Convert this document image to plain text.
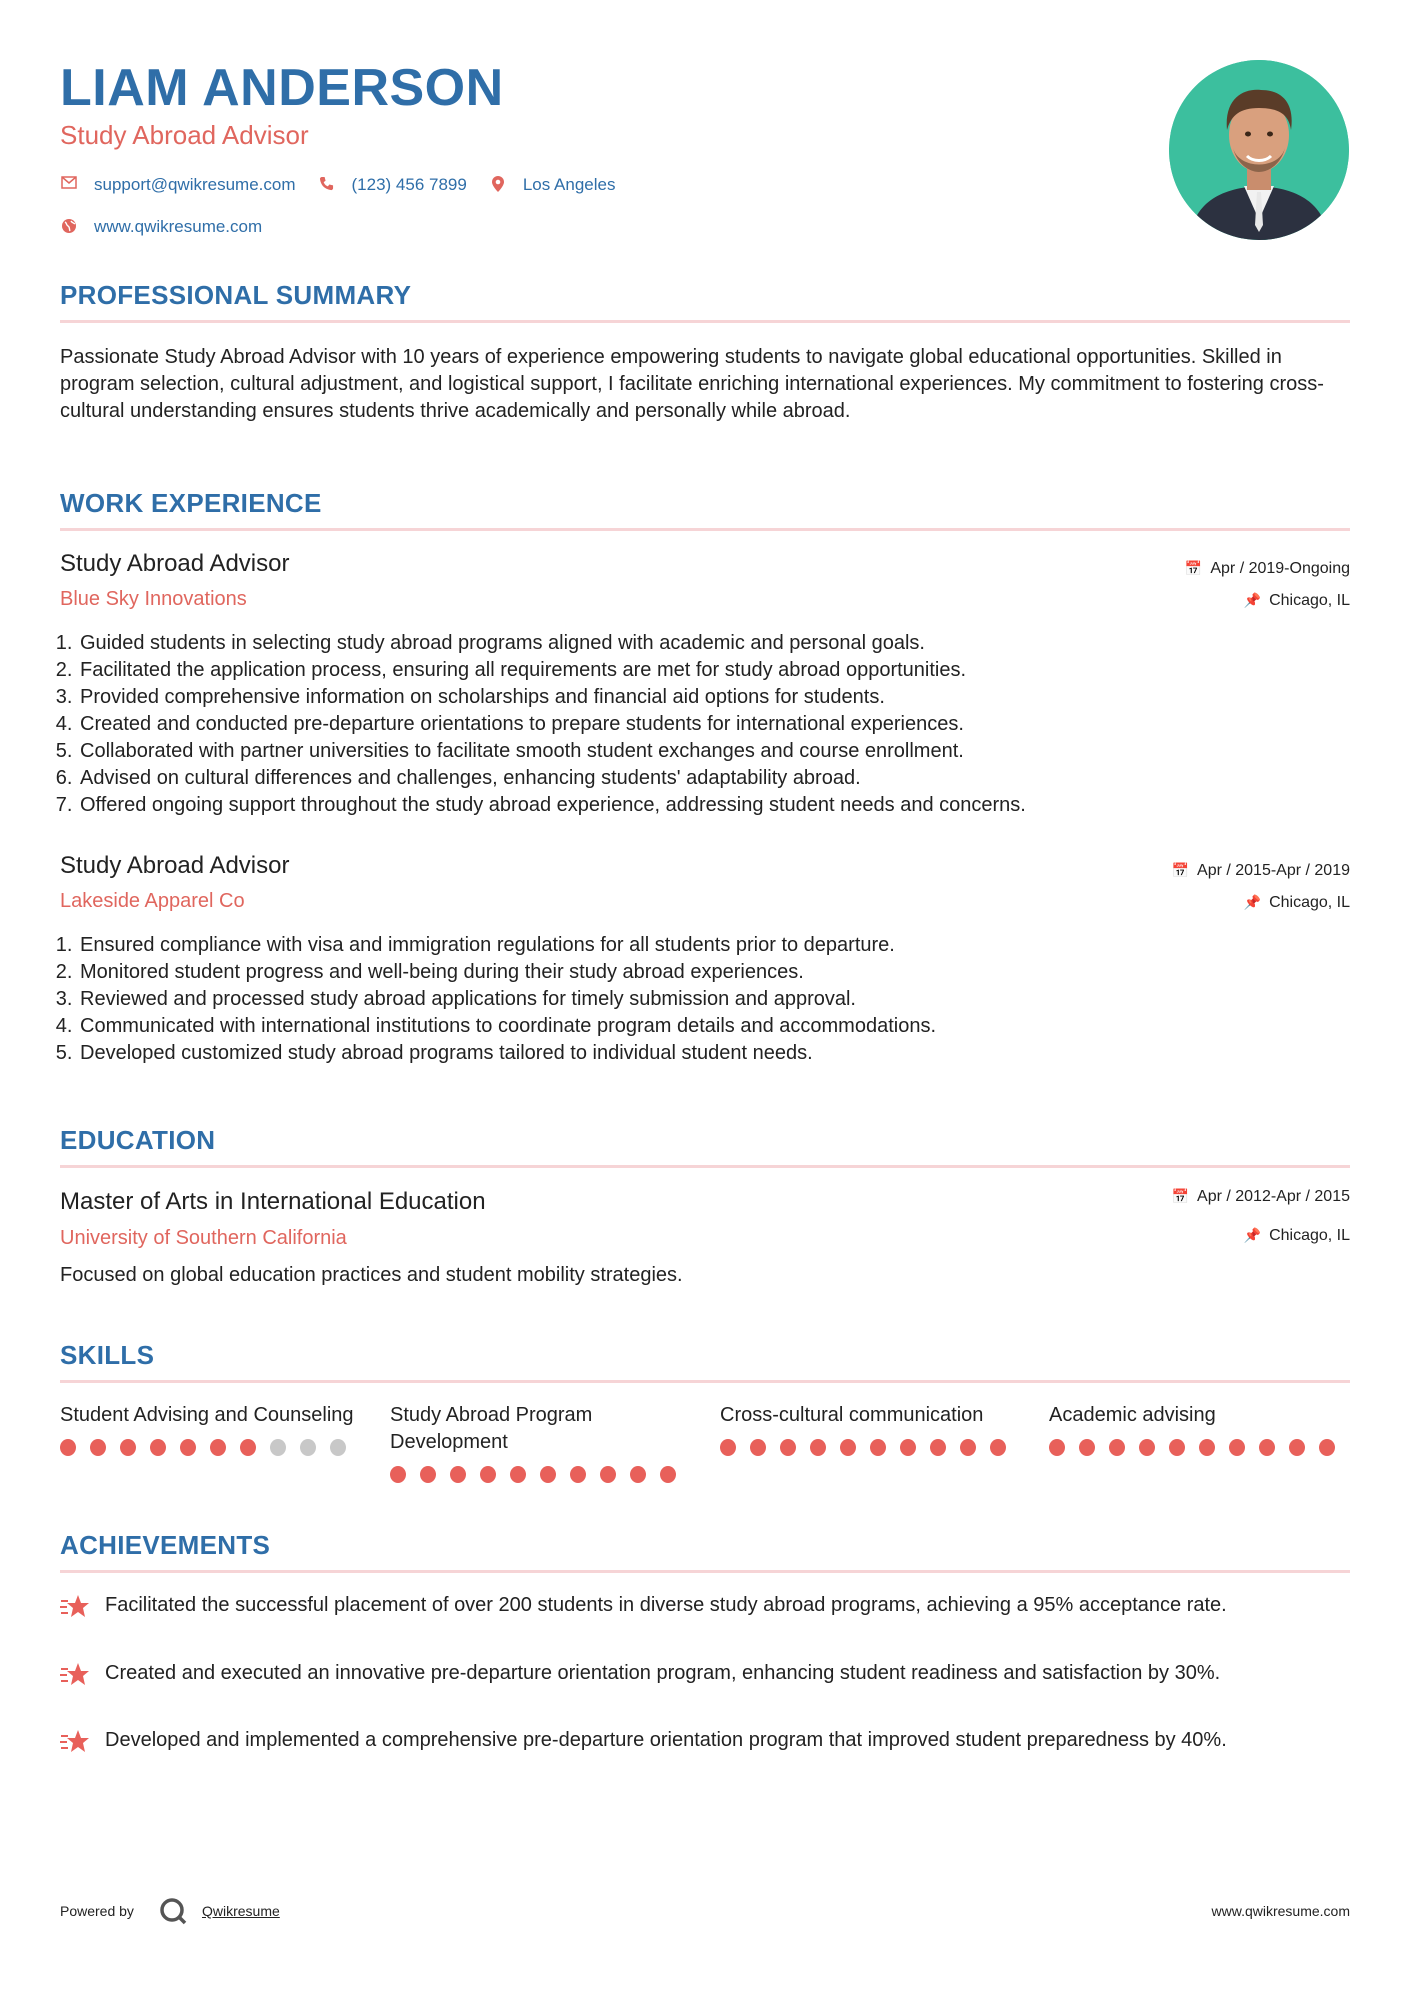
LIAM ANDERSON
Study Abroad Advisor
support@qwikresume.com	(123) 456 7899	Los Angeles
www.qwikresume.com
PROFESSIONAL SUMMARY
Passionate Study Abroad Advisor with 10 years of experience empowering students to navigate global educational opportunities. Skilled in program selection, cultural adjustment, and logistical support, I facilitate enriching international experiences. My commitment to fostering cross-cultural understanding ensures students thrive academically and personally while abroad.
WORK EXPERIENCE
Study Abroad Advisor
Blue Sky Innovations
📅 Apr / 2019-Ongoing
📌 Chicago, IL
1. Guided students in selecting study abroad programs aligned with academic and personal goals.
2. Facilitated the application process, ensuring all requirements are met for study abroad opportunities.
3. Provided comprehensive information on scholarships and financial aid options for students.
4. Created and conducted pre-departure orientations to prepare students for international experiences.
5. Collaborated with partner universities to facilitate smooth student exchanges and course enrollment.
6. Advised on cultural differences and challenges, enhancing students' adaptability abroad.
7. Offered ongoing support throughout the study abroad experience, addressing student needs and concerns.
Study Abroad Advisor
Lakeside Apparel Co
📅 Apr / 2015-Apr / 2019
📌 Chicago, IL
1. Ensured compliance with visa and immigration regulations for all students prior to departure.
2. Monitored student progress and well-being during their study abroad experiences.
3. Reviewed and processed study abroad applications for timely submission and approval.
4. Communicated with international institutions to coordinate program details and accommodations.
5. Developed customized study abroad programs tailored to individual student needs.
EDUCATION
Master of Arts in International Education
University of Southern California
📅 Apr / 2012-Apr / 2015
📌 Chicago, IL
Focused on global education practices and student mobility strategies.
SKILLS
Student Advising and Counseling	Study Abroad Program Development
Cross-cultural communication	Academic advising
ACHIEVEMENTS
Facilitated the successful placement of over 200 students in diverse study abroad programs, achieving a 95% acceptance rate.
Created and executed an innovative pre-departure orientation program, enhancing student readiness and satisfaction by 30%.
Developed and implemented a comprehensive pre-departure orientation program that improved student preparedness by 40%.
Powered by	Qwikresume	www.qwikresume.com
